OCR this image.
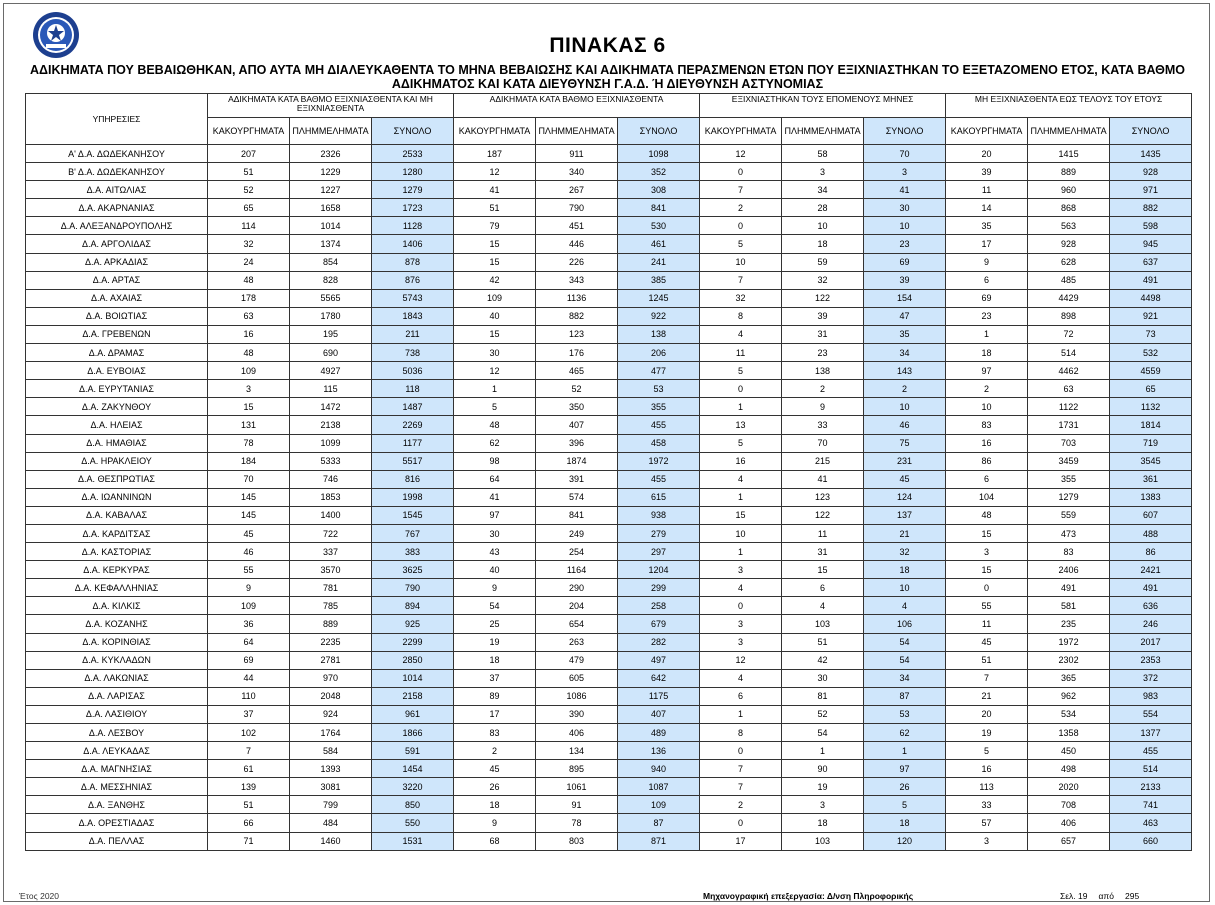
ΠΙΝΑΚΑΣ 6
ΑΔΙΚΗΜΑΤΑ ΠΟΥ ΒΕΒΑΙΩΘΗΚΑΝ, ΑΠΟ ΑΥΤΑ ΜΗ ΔΙΑΛΕΥΚΑΘΕΝΤΑ ΤΟ ΜΗΝΑ ΒΕΒΑΙΩΣΗΣ ΚΑΙ ΑΔΙΚΗΜΑΤΑ ΠΕΡΑΣΜΕΝΩΝ ΕΤΩΝ ΠΟΥ ΕΞΙΧΝΙΑΣΤΗΚΑΝ ΤΟ ΕΞΕΤΑΖΟΜΕΝΟ ΕΤΟΣ, ΚΑΤΑ ΒΑΘΜΟ
ΑΔΙΚΗΜΑΤΟΣ ΚΑΙ ΚΑΤΑ ΔΙΕΥΘΥΝΣΗ Γ.Α.Δ. Ή ΔΙΕΥΘΥΝΣΗ ΑΣΤΥΝΟΜΙΑΣ
ΥΠΗΡΕΣΙΕΣ	ΑΔΙΚΗΜΑΤΑ ΚΑΤΑ ΒΑΘΜΟ ΕΞΙΧΝΙΑΣΘΕΝΤΑ ΚΑΙ ΜΗ ΕΞΙΧΝΙΑΣΘΕΝΤΑ			ΑΔΙΚΗΜΑΤΑ ΚΑΤΑ ΒΑΘΜΟ ΕΞΙΧΝΙΑΣΘΕΝΤΑ			ΕΞΙΧΝΙΑΣΤΗΚΑΝ ΤΟΥΣ ΕΠΟΜΕΝΟΥΣ ΜΗΝΕΣ			ΜΗ ΕΞΙΧΝΙΑΣΘΕΝΤΑ ΕΩΣ ΤΕΛΟΥΣ ΤΟΥ ΕΤΟΥΣ		
	ΚΑΚΟΥΡΓΗΜΑΤΑ	ΠΛΗΜΜΕΛΗΜΑΤΑ	ΣΥΝΟΛΟ	ΚΑΚΟΥΡΓΗΜΑΤΑ	ΠΛΗΜΜΕΛΗΜΑΤΑ	ΣΥΝΟΛΟ	ΚΑΚΟΥΡΓΗΜΑΤΑ	ΠΛΗΜΜΕΛΗΜΑΤΑ	ΣΥΝΟΛΟ	ΚΑΚΟΥΡΓΗΜΑΤΑ	ΠΛΗΜΜΕΛΗΜΑΤΑ	ΣΥΝΟΛΟ
Α' Δ.Α. ΔΩΔΕΚΑΝΗΣΟΥ	207	2326	2533	187	911	1098	12	58	70	20	1415	1435
Β' Δ.Α. ΔΩΔΕΚΑΝΗΣΟΥ	51	1229	1280	12	340	352	0	3	3	39	889	928
Δ.Α. ΑΙΤΩΛΙΑΣ	52	1227	1279	41	267	308	7	34	41	11	960	971
Δ.Α. ΑΚΑΡΝΑΝΙΑΣ	65	1658	1723	51	790	841	2	28	30	14	868	882
Δ.Α. ΑΛΕΞΑΝΔΡΟΥΠΟΛΗΣ	114	1014	1128	79	451	530	0	10	10	35	563	598
Δ.Α. ΑΡΓΟΛΙΔΑΣ	32	1374	1406	15	446	461	5	18	23	17	928	945
Δ.Α. ΑΡΚΑΔΙΑΣ	24	854	878	15	226	241	10	59	69	9	628	637
Δ.Α. ΑΡΤΑΣ	48	828	876	42	343	385	7	32	39	6	485	491
Δ.Α. ΑΧΑΙΑΣ	178	5565	5743	109	1136	1245	32	122	154	69	4429	4498
Δ.Α. ΒΟΙΩΤΙΑΣ	63	1780	1843	40	882	922	8	39	47	23	898	921
Δ.Α. ΓΡΕΒΕΝΩΝ	16	195	211	15	123	138	4	31	35	1	72	73
Δ.Α. ΔΡΑΜΑΣ	48	690	738	30	176	206	11	23	34	18	514	532
Δ.Α. ΕΥΒΟΙΑΣ	109	4927	5036	12	465	477	5	138	143	97	4462	4559
Δ.Α. ΕΥΡΥΤΑΝΙΑΣ	3	115	118	1	52	53	0	2	2	2	63	65
Δ.Α. ΖΑΚΥΝΘΟΥ	15	1472	1487	5	350	355	1	9	10	10	1122	1132
Δ.Α. ΗΛΕΙΑΣ	131	2138	2269	48	407	455	13	33	46	83	1731	1814
Δ.Α. ΗΜΑΘΙΑΣ	78	1099	1177	62	396	458	5	70	75	16	703	719
Δ.Α. ΗΡΑΚΛΕΙΟΥ	184	5333	5517	98	1874	1972	16	215	231	86	3459	3545
Δ.Α. ΘΕΣΠΡΩΤΙΑΣ	70	746	816	64	391	455	4	41	45	6	355	361
Δ.Α. ΙΩΑΝΝΙΝΩΝ	145	1853	1998	41	574	615	1	123	124	104	1279	1383
Δ.Α. ΚΑΒΑΛΑΣ	145	1400	1545	97	841	938	15	122	137	48	559	607
Δ.Α. ΚΑΡΔΙΤΣΑΣ	45	722	767	30	249	279	10	11	21	15	473	488
Δ.Α. ΚΑΣΤΟΡΙΑΣ	46	337	383	43	254	297	1	31	32	3	83	86
Δ.Α. ΚΕΡΚΥΡΑΣ	55	3570	3625	40	1164	1204	3	15	18	15	2406	2421
Δ.Α. ΚΕΦΑΛΛΗΝΙΑΣ	9	781	790	9	290	299	4	6	10	0	491	491
Δ.Α. ΚΙΛΚΙΣ	109	785	894	54	204	258	0	4	4	55	581	636
Δ.Α. ΚΟΖΑΝΗΣ	36	889	925	25	654	679	3	103	106	11	235	246
Δ.Α. ΚΟΡΙΝΘΙΑΣ	64	2235	2299	19	263	282	3	51	54	45	1972	2017
Δ.Α. ΚΥΚΛΑΔΩΝ	69	2781	2850	18	479	497	12	42	54	51	2302	2353
Δ.Α. ΛΑΚΩΝΙΑΣ	44	970	1014	37	605	642	4	30	34	7	365	372
Δ.Α. ΛΑΡΙΣΑΣ	110	2048	2158	89	1086	1175	6	81	87	21	962	983
Δ.Α. ΛΑΣΙΘΙΟΥ	37	924	961	17	390	407	1	52	53	20	534	554
Δ.Α. ΛΕΣΒΟΥ	102	1764	1866	83	406	489	8	54	62	19	1358	1377
Δ.Α. ΛΕΥΚΑΔΑΣ	7	584	591	2	134	136	0	1	1	5	450	455
Δ.Α. ΜΑΓΝΗΣΙΑΣ	61	1393	1454	45	895	940	7	90	97	16	498	514
Δ.Α. ΜΕΣΣΗΝΙΑΣ	139	3081	3220	26	1061	1087	7	19	26	113	2020	2133
Δ.Α. ΞΑΝΘΗΣ	51	799	850	18	91	109	2	3	5	33	708	741
Δ.Α. ΟΡΕΣΤΙΑΔΑΣ	66	484	550	9	78	87	0	18	18	57	406	463
Δ.Α. ΠΕΛΛΑΣ	71	1460	1531	68	803	871	17	103	120	3	657	660
Έτος 2020	Μηχανογραφική επεξεργασία: Δ/νση Πληροφορικής	Σελ. 19 από 295
